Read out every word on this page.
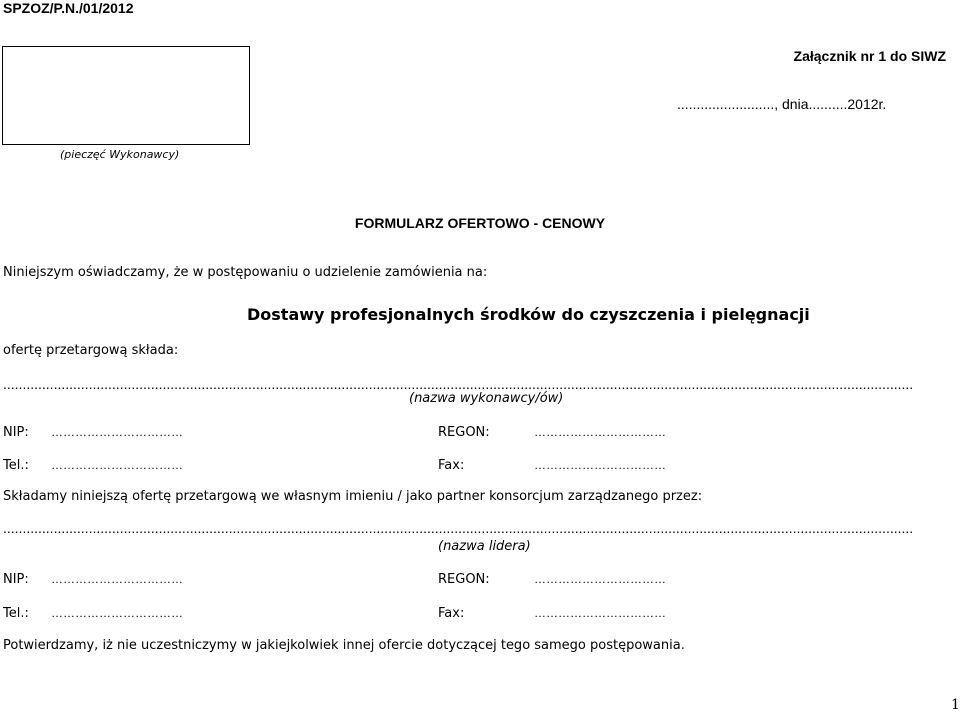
SPZOZ/P.N./01/2012
Załącznik nr 1 do SIWZ
........................., dnia..........2012r.
(pieczęć Wykonawcy)
FORMULARZ OFERTOWO - CENOWY
Niniejszym oświadczamy, że w postępowaniu o udzielenie zamówienia na:
Dostawy profesjonalnych środków do czyszczenia i pielęgnacji
ofertę przetargową składa:
..........................................................................................................................................................................................................................................
(nazwa wykonawcy/ów)
NIP: ……………………………	REGON:	……………………………
Tel.: ……………………………	Fax:	……………………………
Składamy niniejszą ofertę przetargową we własnym imieniu / jako partner konsorcjum zarządzanego przez:
..........................................................................................................................................................................................................................................
(nazwa lidera)
NIP: ……………………………	REGON:	……………………………
Tel.: ……………………………	Fax:	……………………………
Potwierdzamy, iż nie uczestniczymy w jakiejkolwiek innej ofercie dotyczącej tego samego postępowania.
1
